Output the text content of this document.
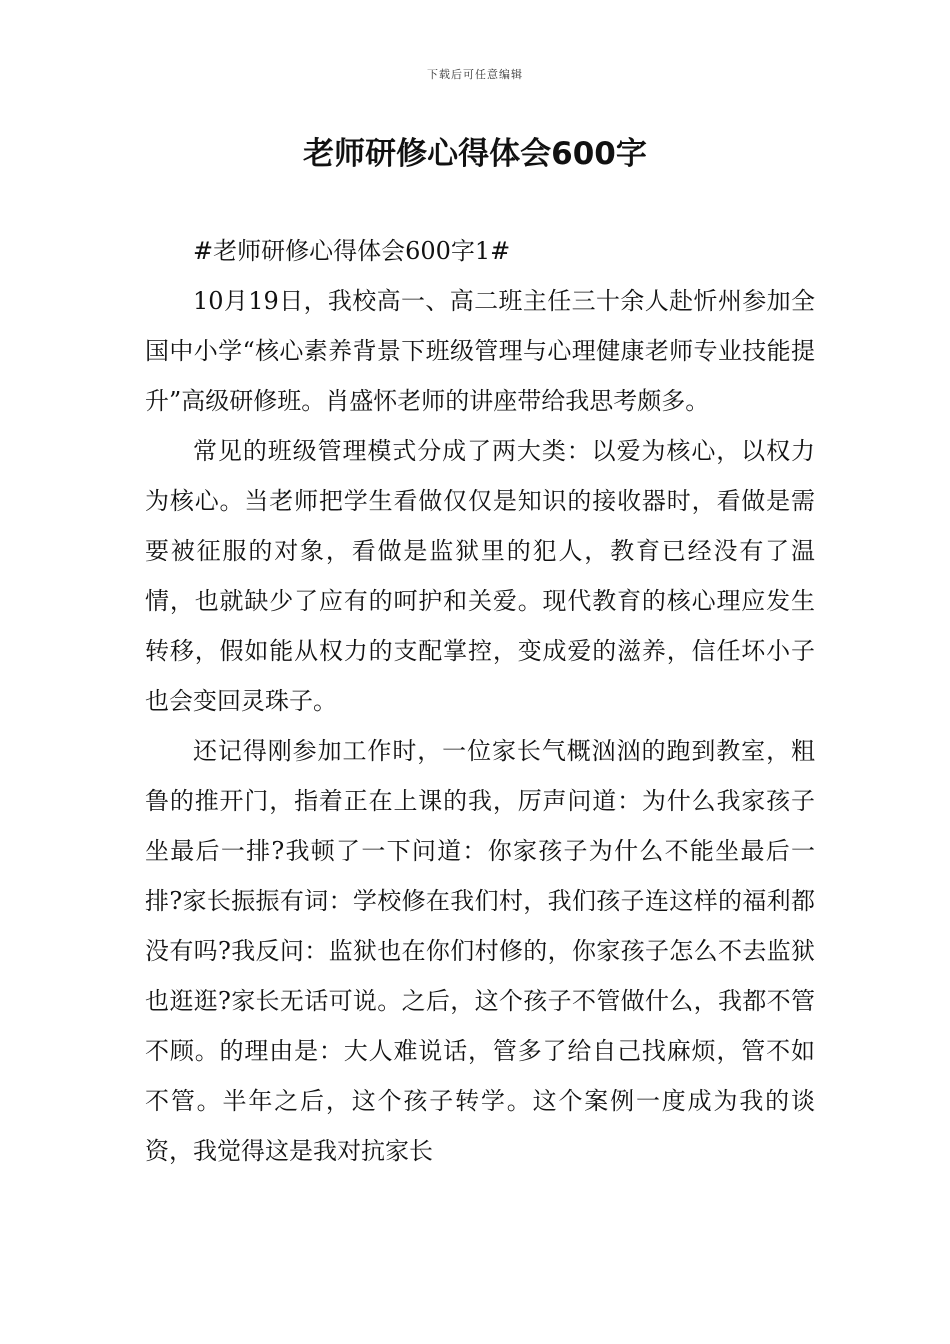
下载后可任意编辑
老师研修心得体会600字

#老师研修心得体会600字1#

10月19日，我校高一、高二班主任三十余人赴忻州参加全国中小学“核心素养背景下班级管理与心理健康老师专业技能提升”高级研修班。肖盛怀老师的讲座带给我思考颇多。

常见的班级管理模式分成了两大类：以爱为核心，以权力为核心。当老师把学生看做仅仅是知识的接收器时，看做是需要被征服的对象，看做是监狱里的犯人，教育已经没有了温情，也就缺少了应有的呵护和关爱。现代教育的核心理应发生转移，假如能从权力的支配掌控，变成爱的滋养，信任坏小子也会变回灵珠子。

还记得刚参加工作时，一位家长气概汹汹的跑到教室，粗鲁的推开门，指着正在上课的我，厉声问道：为什么我家孩子坐最后一排?我顿了一下问道：你家孩子为什么不能坐最后一排?家长振振有词：学校修在我们村，我们孩子连这样的福利都没有吗?我反问：监狱也在你们村修的，你家孩子怎么不去监狱也逛逛?家长无话可说。之后，这个孩子不管做什么，我都不管不顾。的理由是：大人难说话，管多了给自己找麻烦，管不如不管。半年之后，这个孩子转学。这个案例一度成为我的谈资，我觉得这是我对抗家长
